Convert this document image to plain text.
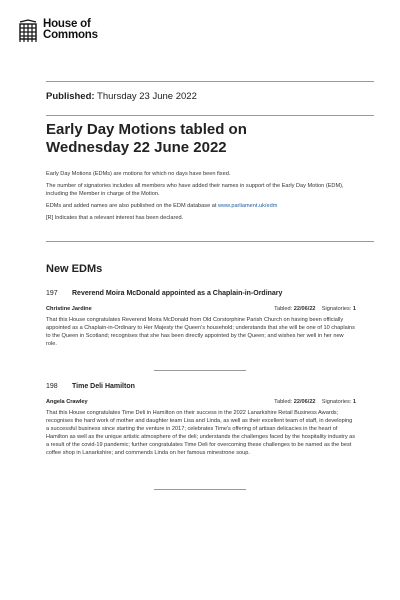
House of
Commons
Published: Thursday 23 June 2022
Early Day Motions tabled on
Wednesday 22 June 2022

Early Day Motions (EDMs) are motions for which no days have been fixed.

The number of signatories includes all members who have added their names in support of the Early Day Motion (EDM), including the Member in charge of the Motion.

EDMs and added names are also published on the EDM database at www.parliament.uk/edm

[R] Indicates that a relevant interest has been declared.

New EDMs
197	Reverend Moira McDonald appointed as a Chaplain-in-Ordinary
Christine Jardine	Tabled: 22/06/22 Signatories: 1

That this House congratulates Reverend Moira McDonald from Old Corstorphine Parish Church on having been officially appointed as a Chaplain-in-Ordinary to Her Majesty the Queen's household; understands that she will be one of 10 chaplains to the Queen in Scotland; recognises that she has been directly appointed by the Queen; and wishes her well in her new role.

198	Time Deli Hamilton
Angela Crawley	Tabled: 22/06/22 Signatories: 1

That this House congratulates Time Deli in Hamilton on their success in the 2022 Lanarkshire Retail Business Awards; recognises the hard work of mother and daughter team Lisa and Linda, as well as their excellent team of staff, in developing a successful business since starting the venture in 2017; celebrates Time's offering of artisan delicacies in the heart of Hamilton as well as the unique artistic atmosphere of the deli; understands the challenges faced by the hospitality industry as a result of the covid-19 pandemic; further congratulates Time Deli for overcoming these challenges to be named as the best coffee shop in Lanarkshire; and commends Linda on her famous minestrone soup.
